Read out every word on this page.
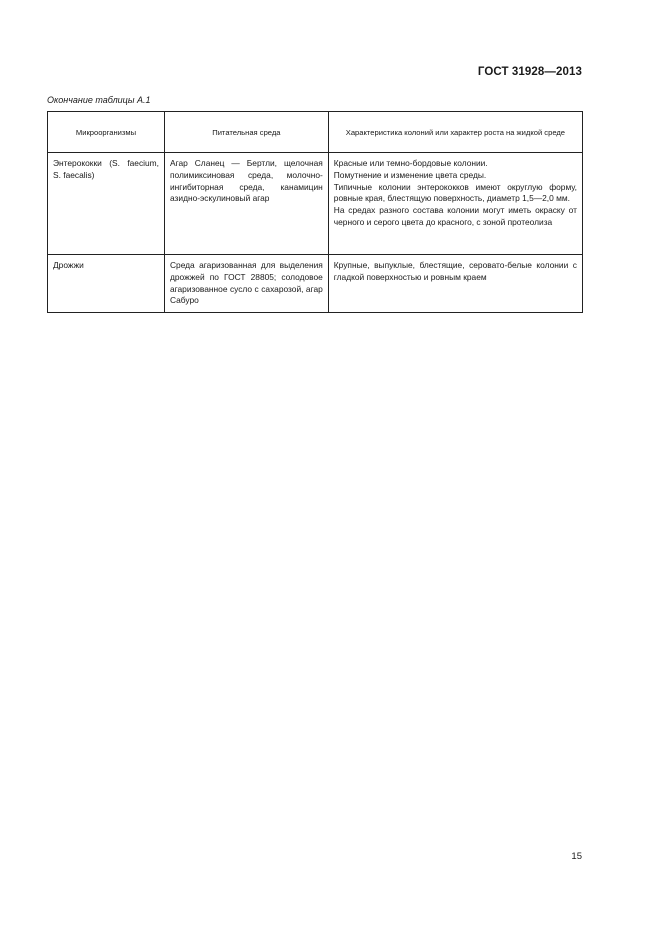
ГОСТ 31928—2013
Окончание таблицы А.1
Микроорганизмы	Питательная среда	Характеристика колоний или характер роста на жидкой среде
Энтерококки (S. faecium, S. faecalis)	Агар Сланец — Бертли, щелочная полимиксиновая среда, молочно-ингибиторная среда, канамицин азидно-эскулиновый агар	Красные или темно-бордовые колонии.
Помутнение и изменение цвета среды.
Типичные колонии энтерококков имеют округлую форму, ровные края, блестящую поверхность, диаметр 1,5—2,0 мм.
На средах разного состава колонии могут иметь окраску от черного и серого цвета до красного, с зоной протеолиза

Дрожжи	Среда агаризованная для выделения дрожжей по ГОСТ 28805; солодовое агаризованное сусло с сахарозой, агар Сабуро	Крупные, выпуклые, блестящие, серовато-белые колонии с гладкой поверхностью и ровным краем
15
